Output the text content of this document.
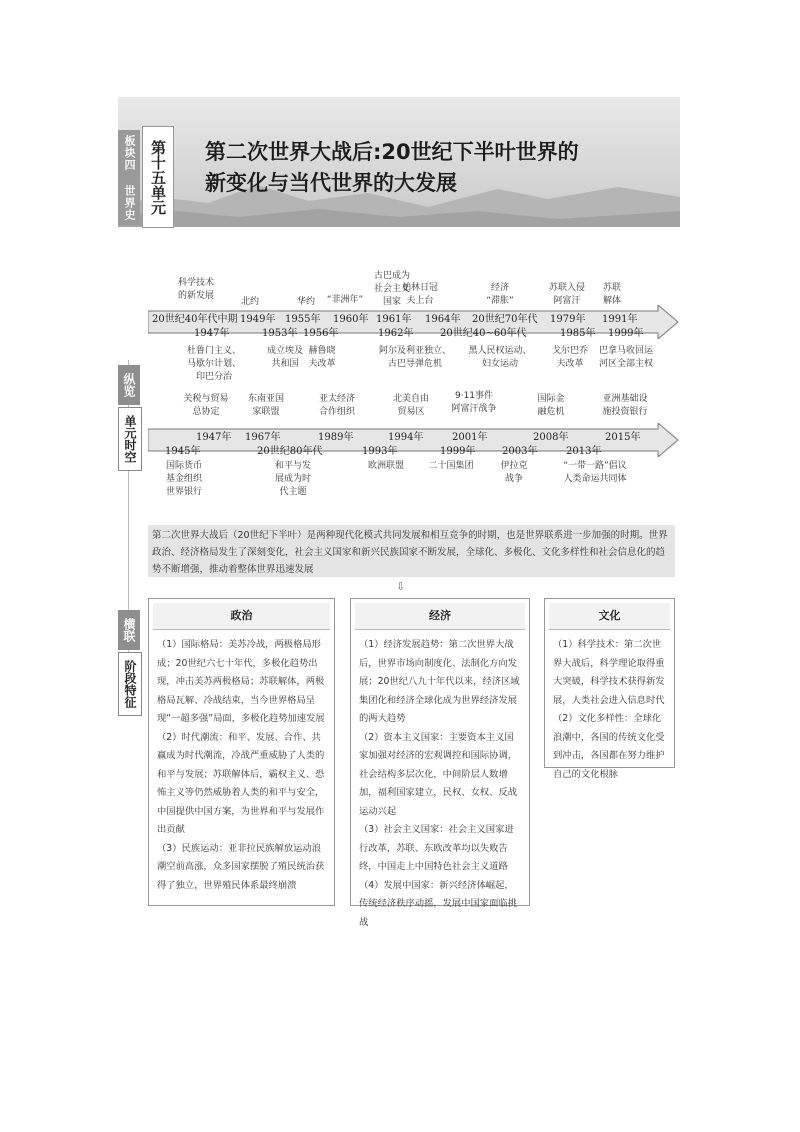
板块四 世界史 第十五单元	第二次世界大战后:20世纪下半叶世界的
新变化与当代世界的大发展
纵览
单元时空
横联
阶段特征
20世纪40年代中期
1947年
1949年
1953年
1955年
1956年
1960年 1961年
1962年
1964年
20世纪40~60年代
20世纪70年代 1979年
1985年
1991年
1999年
科学技术
的新发展
北约	华约 “非洲年”
古巴成为
社会主义
国家
柏林日冠
夫上台
经济
“滞胀”
苏联入侵
阿富汗
苏联
解体
杜鲁门主义、
马歇尔计划、
印巴分治
成立埃及
共和国
赫鲁晓
夫改革
阿尔及利亚独立、
古巴导弹危机
黑人民权运动、
妇女运动
戈尔巴乔
夫改革
巴拿马收回运
河区全部主权
1945年
1947年 1967年
20世纪80年代
1989年
1993年
1994年
1999年
2001年
2003年
2008年
2013年
2015年
关税与贸易
总协定
东南亚国
家联盟
亚太经济
合作组织
北美自由
贸易区
9·11事件
阿富汗战争
国际金
融危机
亚洲基础设
施投资银行
国际货币
基金组织
世界银行
和平与发
展成为时
代主题
欧洲联盟	二十国集团	伊拉克
战争
“一带一路”倡议
人类命运共同体
第二次世界大战后（20世纪下半叶）是两种现代化模式共同发展和相互竞争的时期，也是世界联系进一步加强的时期。世界政治、经济格局发生了深刻变化，社会主义国家和新兴民族国家不断发展，全球化、多极化、文化多样性和社会信息化的趋势不断增强，推动着整体世界迅速发展
⇩
政治

（1）国际格局：美苏冷战，两极格局形成；20世纪六七十年代，多极化趋势出现，冲击美苏两极格局；苏联解体，两极格局瓦解、冷战结束，当今世界格局呈现“一超多强”局面，多极化趋势加速发展

（2）时代潮流：和平、发展、合作、共赢成为时代潮流，冷战严重威胁了人类的和平与发展；苏联解体后，霸权主义、恐怖主义等仍然威胁着人类的和平与安全，中国提供中国方案，为世界和平与发展作出贡献

（3）民族运动：亚非拉民族解放运动浪潮空前高涨，众多国家摆脱了殖民统治获得了独立，世界殖民体系最终崩溃

经济

（1）经济发展趋势：第二次世界大战后，世界市场向制度化、法制化方向发展；20世纪八九十年代以来，经济区域集团化和经济全球化成为世界经济发展的两大趋势

（2）资本主义国家：主要资本主义国家加强对经济的宏观调控和国际协调，社会结构多层次化，中间阶层人数增加，福利国家建立，民权、女权、反战运动兴起

（3）社会主义国家：社会主义国家进行改革，苏联、东欧改革均以失败告终，中国走上中国特色社会主义道路

（4）发展中国家：新兴经济体崛起，传统经济秩序动摇，发展中国家面临挑战

文化

（1）科学技术：第二次世界大战后，科学理论取得重大突破，科学技术获得新发展，人类社会进入信息时代

（2）文化多样性：全球化浪潮中，各国的传统文化受到冲击，各国都在努力维护自己的文化根脉
